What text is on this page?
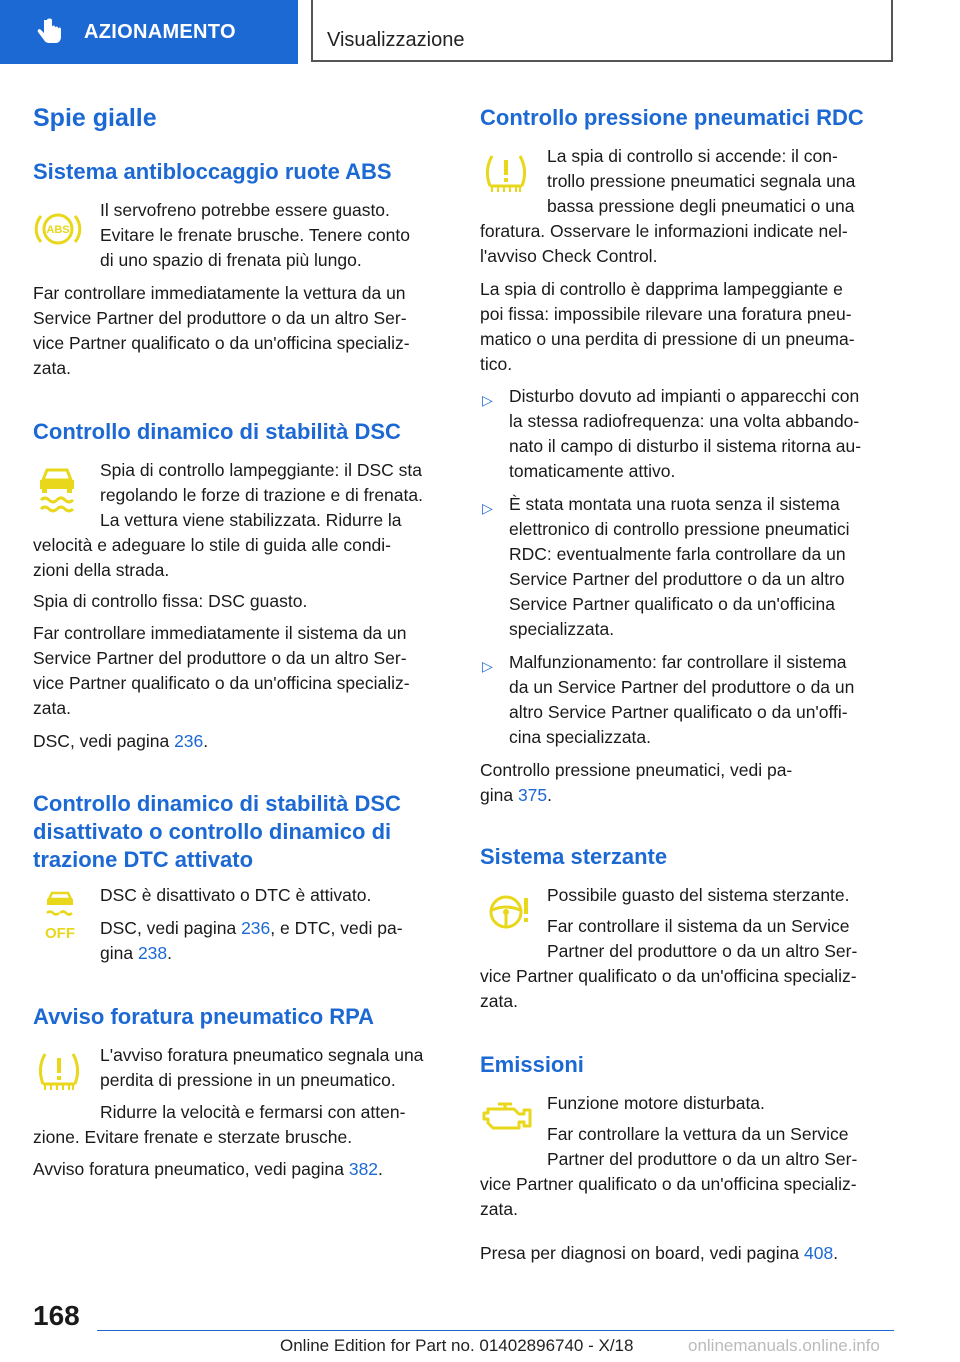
AZIONAMENTO	Visualizzazione
Spie gialle
Sistema antibloccaggio ruote ABS
ABS

Il servofreno potrebbe essere guasto.

Evitare le frenate brusche. Tenere conto

di uno spazio di frenata più lungo.

Far controllare immediatamente la vettura da un

Service Partner del produttore o da un altro Ser-

vice Partner qualificato o da un'officina specializ-

zata.

Controllo dinamico di stabilità DSC

Spia di controllo lampeggiante: il DSC sta

regolando le forze di trazione e di frenata.

La vettura viene stabilizzata. Ridurre la

velocità e adeguare lo stile di guida alle condi-

zioni della strada.

Spia di controllo fissa: DSC guasto.

Far controllare immediatamente il sistema da un

Service Partner del produttore o da un altro Ser-

vice Partner qualificato o da un'officina specializ-

zata.

DSC, vedi pagina 236.

Controllo dinamico di stabilità DSC
disattivato o controllo dinamico di
trazione DTC attivato
OFF

DSC è disattivato o DTC è attivato.

DSC, vedi pagina 236, e DTC, vedi pa-

gina 238.

Avviso foratura pneumatico RPA

L'avviso foratura pneumatico segnala una

perdita di pressione in un pneumatico.

Ridurre la velocità e fermarsi con atten-

zione. Evitare frenate e sterzate brusche.

Avviso foratura pneumatico, vedi pagina 382.

Controllo pressione pneumatici RDC

La spia di controllo si accende: il con-

trollo pressione pneumatici segnala una

bassa pressione degli pneumatici o una

foratura. Osservare le informazioni indicate nel-

l'avviso Check Control.

La spia di controllo è dapprima lampeggiante e

poi fissa: impossibile rilevare una foratura pneu-

matico o una perdita di pressione di un pneuma-

tico.

▷ Disturbo dovuto ad impianti o apparecchi con

la stessa radiofrequenza: una volta abbando-

nato il campo di disturbo il sistema ritorna au-

tomaticamente attivo.

▷ È stata montata una ruota senza il sistema

elettronico di controllo pressione pneumatici

RDC: eventualmente farla controllare da un

Service Partner del produttore o da un altro

Service Partner qualificato o da un'officina

specializzata.

▷ Malfunzionamento: far controllare il sistema

da un Service Partner del produttore o da un

altro Service Partner qualificato o da un'offi-

cina specializzata.

Controllo pressione pneumatici, vedi pa-

gina 375.

Sistema sterzante

Possibile guasto del sistema sterzante.

Far controllare il sistema da un Service

Partner del produttore o da un altro Ser-

vice Partner qualificato o da un'officina specializ-

zata.

Emissioni

Funzione motore disturbata.

Far controllare la vettura da un Service

Partner del produttore o da un altro Ser-

vice Partner qualificato o da un'officina specializ-

zata.

Presa per diagnosi on board, vedi pagina 408.

168
Online Edition for Part no. 01402896740 - X/18	onlinemanuals.online.info
